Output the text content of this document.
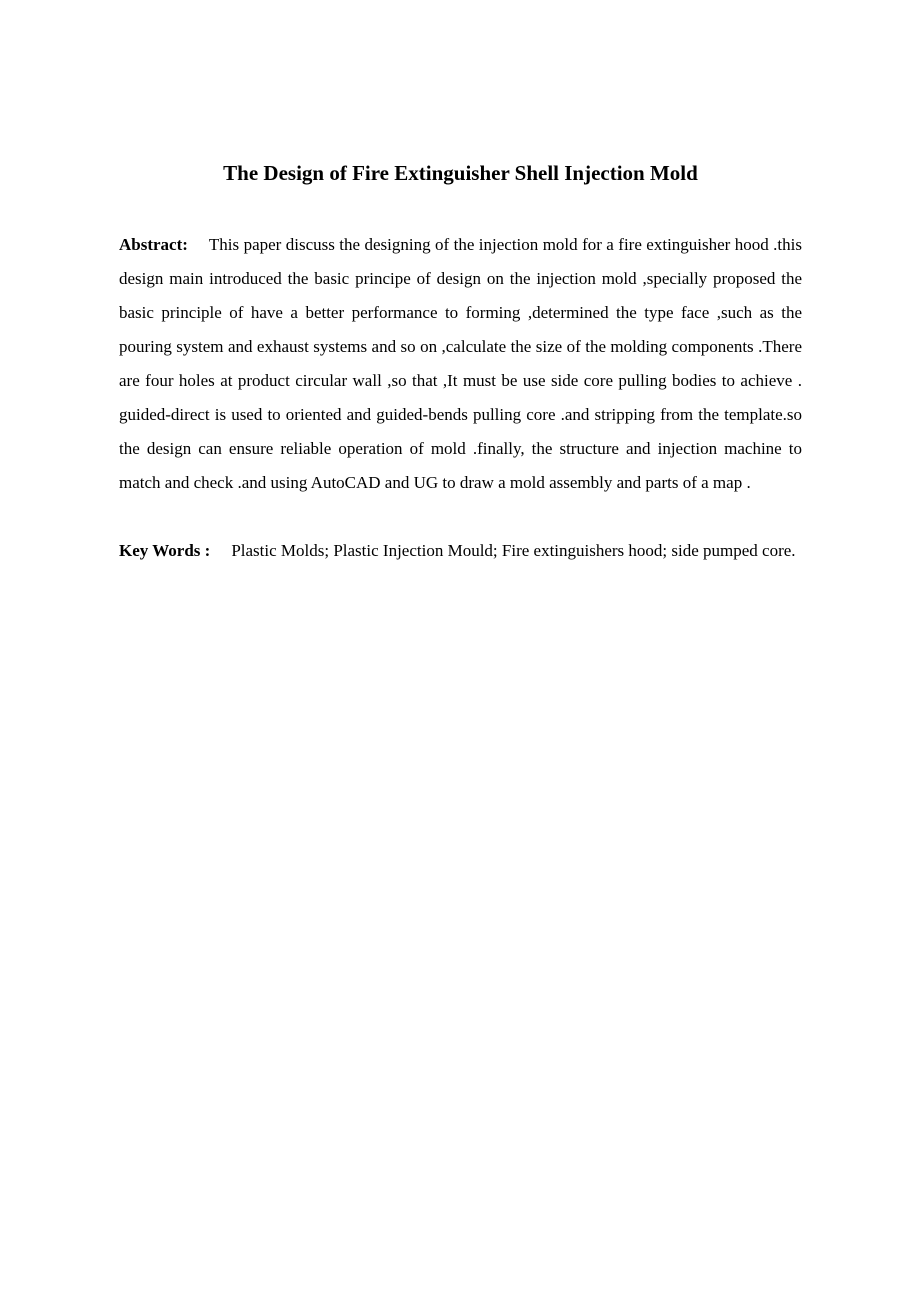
The Design of Fire Extinguisher Shell Injection Mold

Abstract: This paper discuss the designing of the injection mold for a fire extinguisher hood .this design main introduced the basic principe of design on the injection mold ,specially proposed the basic principle of have a better performance to forming ,determined the type face ,such as the pouring system and exhaust systems and so on ,calculate the size of the molding components .There are four holes at product circular wall ,so that ,It must be use side core pulling bodies to achieve . guided-direct is used to oriented and guided-bends pulling core .and stripping from the template.so the design can ensure reliable operation of mold .finally, the structure and injection machine to match and check .and using AutoCAD and UG to draw a mold assembly and parts of a map .

Key Words : Plastic Molds; Plastic Injection Mould; Fire extinguishers hood; side pumped core.
